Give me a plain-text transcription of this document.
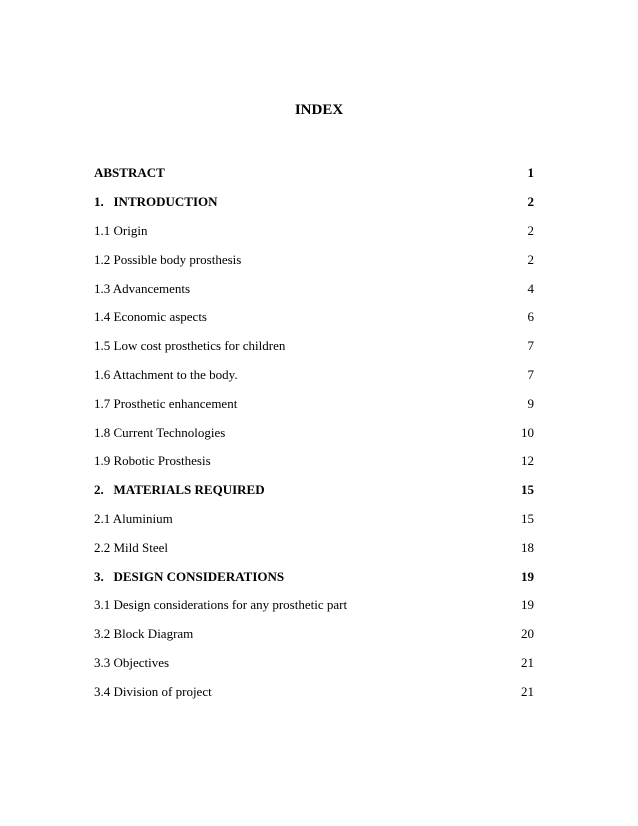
INDEX
ABSTRACT	1
1.   INTRODUCTION	2
1.1 Origin	2
1.2 Possible body prosthesis	2
1.3 Advancements	4
1.4 Economic aspects	6
1.5 Low cost prosthetics for children	7
1.6 Attachment to the body.	7
1.7 Prosthetic enhancement	9
1.8 Current Technologies	10
1.9 Robotic Prosthesis	12
2.   MATERIALS REQUIRED	15
2.1 Aluminium	15
2.2 Mild Steel	18
3.   DESIGN CONSIDERATIONS	19
3.1 Design considerations for any prosthetic part	19
3.2 Block Diagram	20
3.3 Objectives	21
3.4 Division of project	21
